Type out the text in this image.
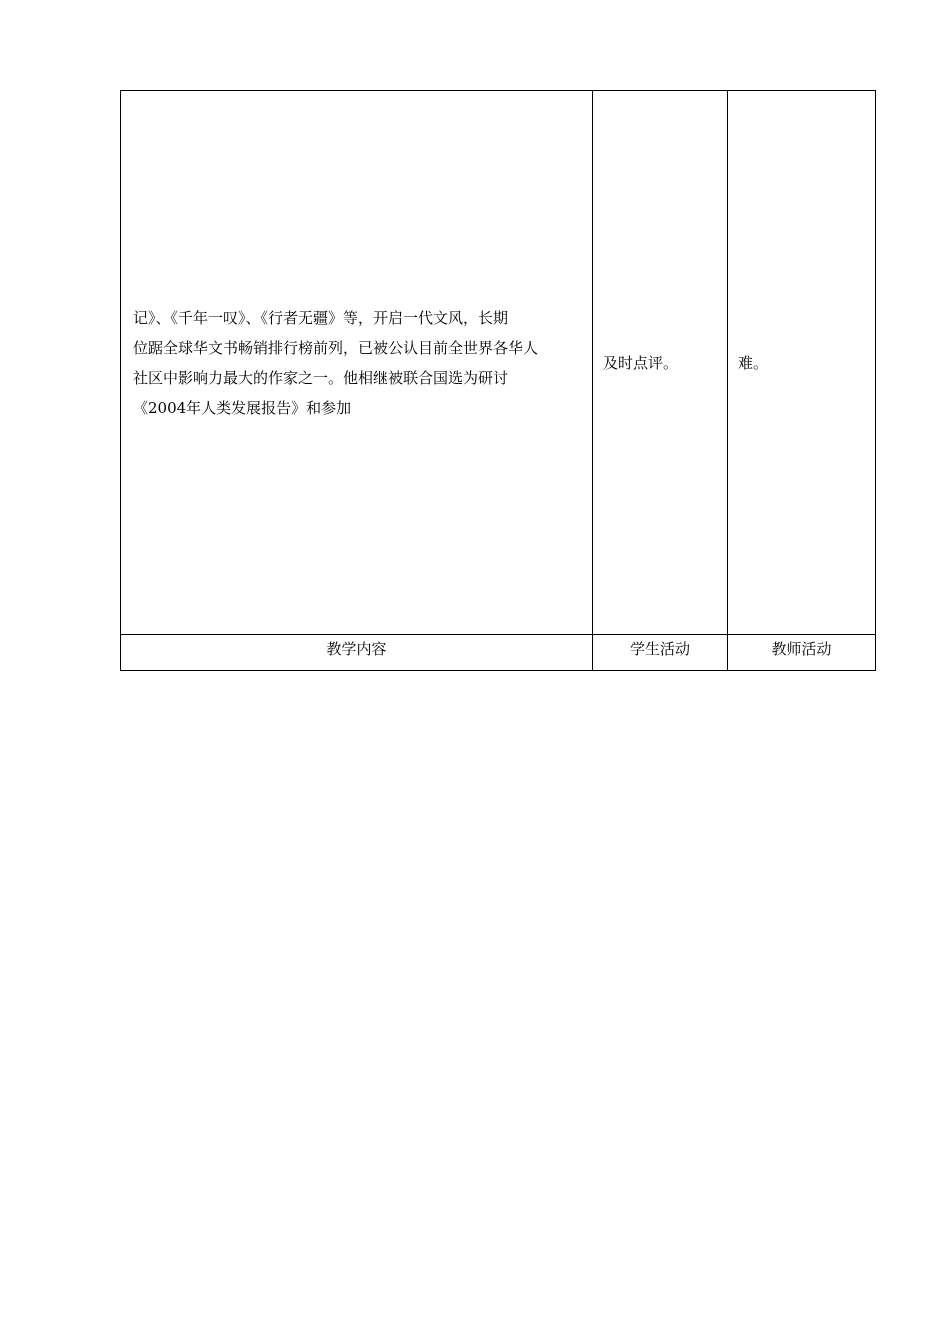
记》、《千年一叹》、《行者无疆》等，开启一代文风，长期
位踞全球华文书畅销排行榜前列，已被公认目前全世界各华人
社区中影响力最大的作家之一。他相继被联合国选为研讨
《2004年人类发展报告》和参加	及时点评。	难。

教学内容	学生活动	教师活动
